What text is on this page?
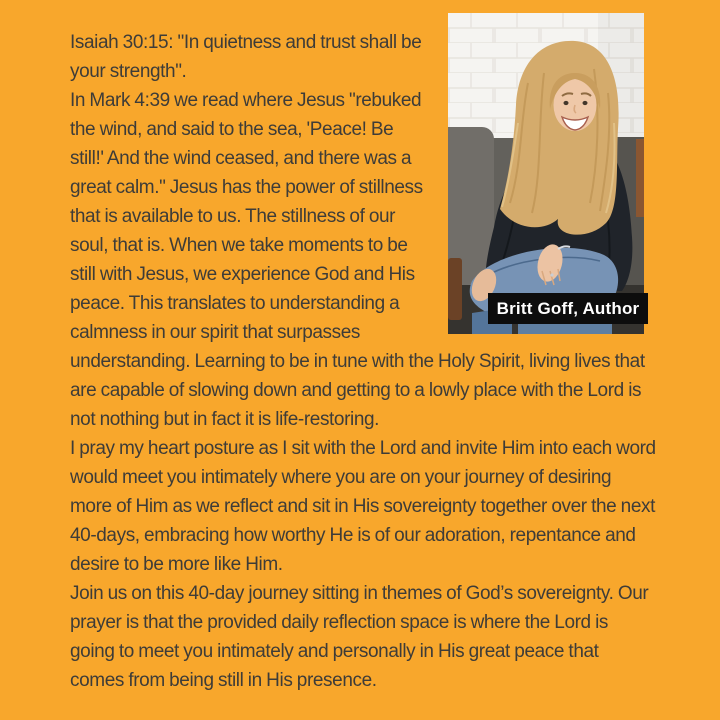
Britt Goff, Author

Isaiah 30:15: "In quietness and trust shall be your strength".

In Mark 4:39 we read where Jesus "rebuked the wind, and said to the sea, 'Peace! Be still!' And the wind ceased, and there was a great calm." Jesus has the power of stillness that is available to us. The stillness of our soul, that is. When we take moments to be still with Jesus, we experience God and His peace. This translates to understanding a calmness in our spirit that surpasses understanding. Learning to be in tune with the Holy Spirit, living lives that are capable of slowing down and getting to a lowly place with the Lord is not nothing but in fact it is life-restoring.

I pray my heart posture as I sit with the Lord and invite Him into each word would meet you intimately where you are on your journey of desiring more of Him as we reflect and sit in His sovereignty together over the next 40-days, embracing how worthy He is of our adoration, repentance and desire to be more like Him.

Join us on this 40-day journey sitting in themes of God’s sovereignty. Our prayer is that the provided daily reflection space is where the Lord is going to meet you intimately and personally in His great peace that comes from being still in His presence.
